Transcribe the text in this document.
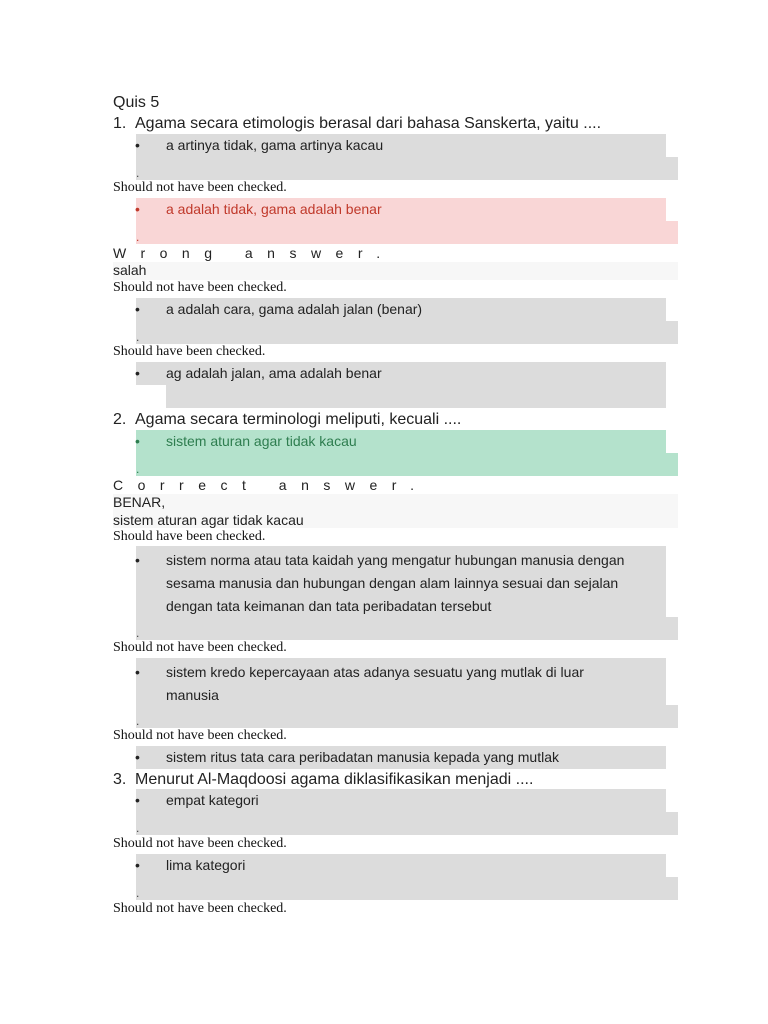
Quis 5
1. Agama secara etimologis berasal dari bahasa Sanskerta, yaitu ....
• a artinya tidak, gama artinya kacau
.
Should not have been checked.
• a adalah tidak, gama adalah benar
.
Wrong answer.
salah
Should not have been checked.
• a adalah cara, gama adalah jalan (benar)
.
Should have been checked.
• ag adalah jalan, ama adalah benar
2. Agama secara terminologi meliputi, kecuali ....
• sistem aturan agar tidak kacau
.
Correct answer.
BENAR,
sistem aturan agar tidak kacau
Should have been checked.
• sistem norma atau tata kaidah yang mengatur hubungan manusia dengan
sesama manusia dan hubungan dengan alam lainnya sesuai dan sejalan
dengan tata keimanan dan tata peribadatan tersebut
.
Should not have been checked.
• sistem kredo kepercayaan atas adanya sesuatu yang mutlak di luar
manusia
.
Should not have been checked.
• sistem ritus tata cara peribadatan manusia kepada yang mutlak
3. Menurut Al-Maqdoosi agama diklasifikasikan menjadi ....
• empat kategori
.
Should not have been checked.
• lima kategori
.
Should not have been checked.
